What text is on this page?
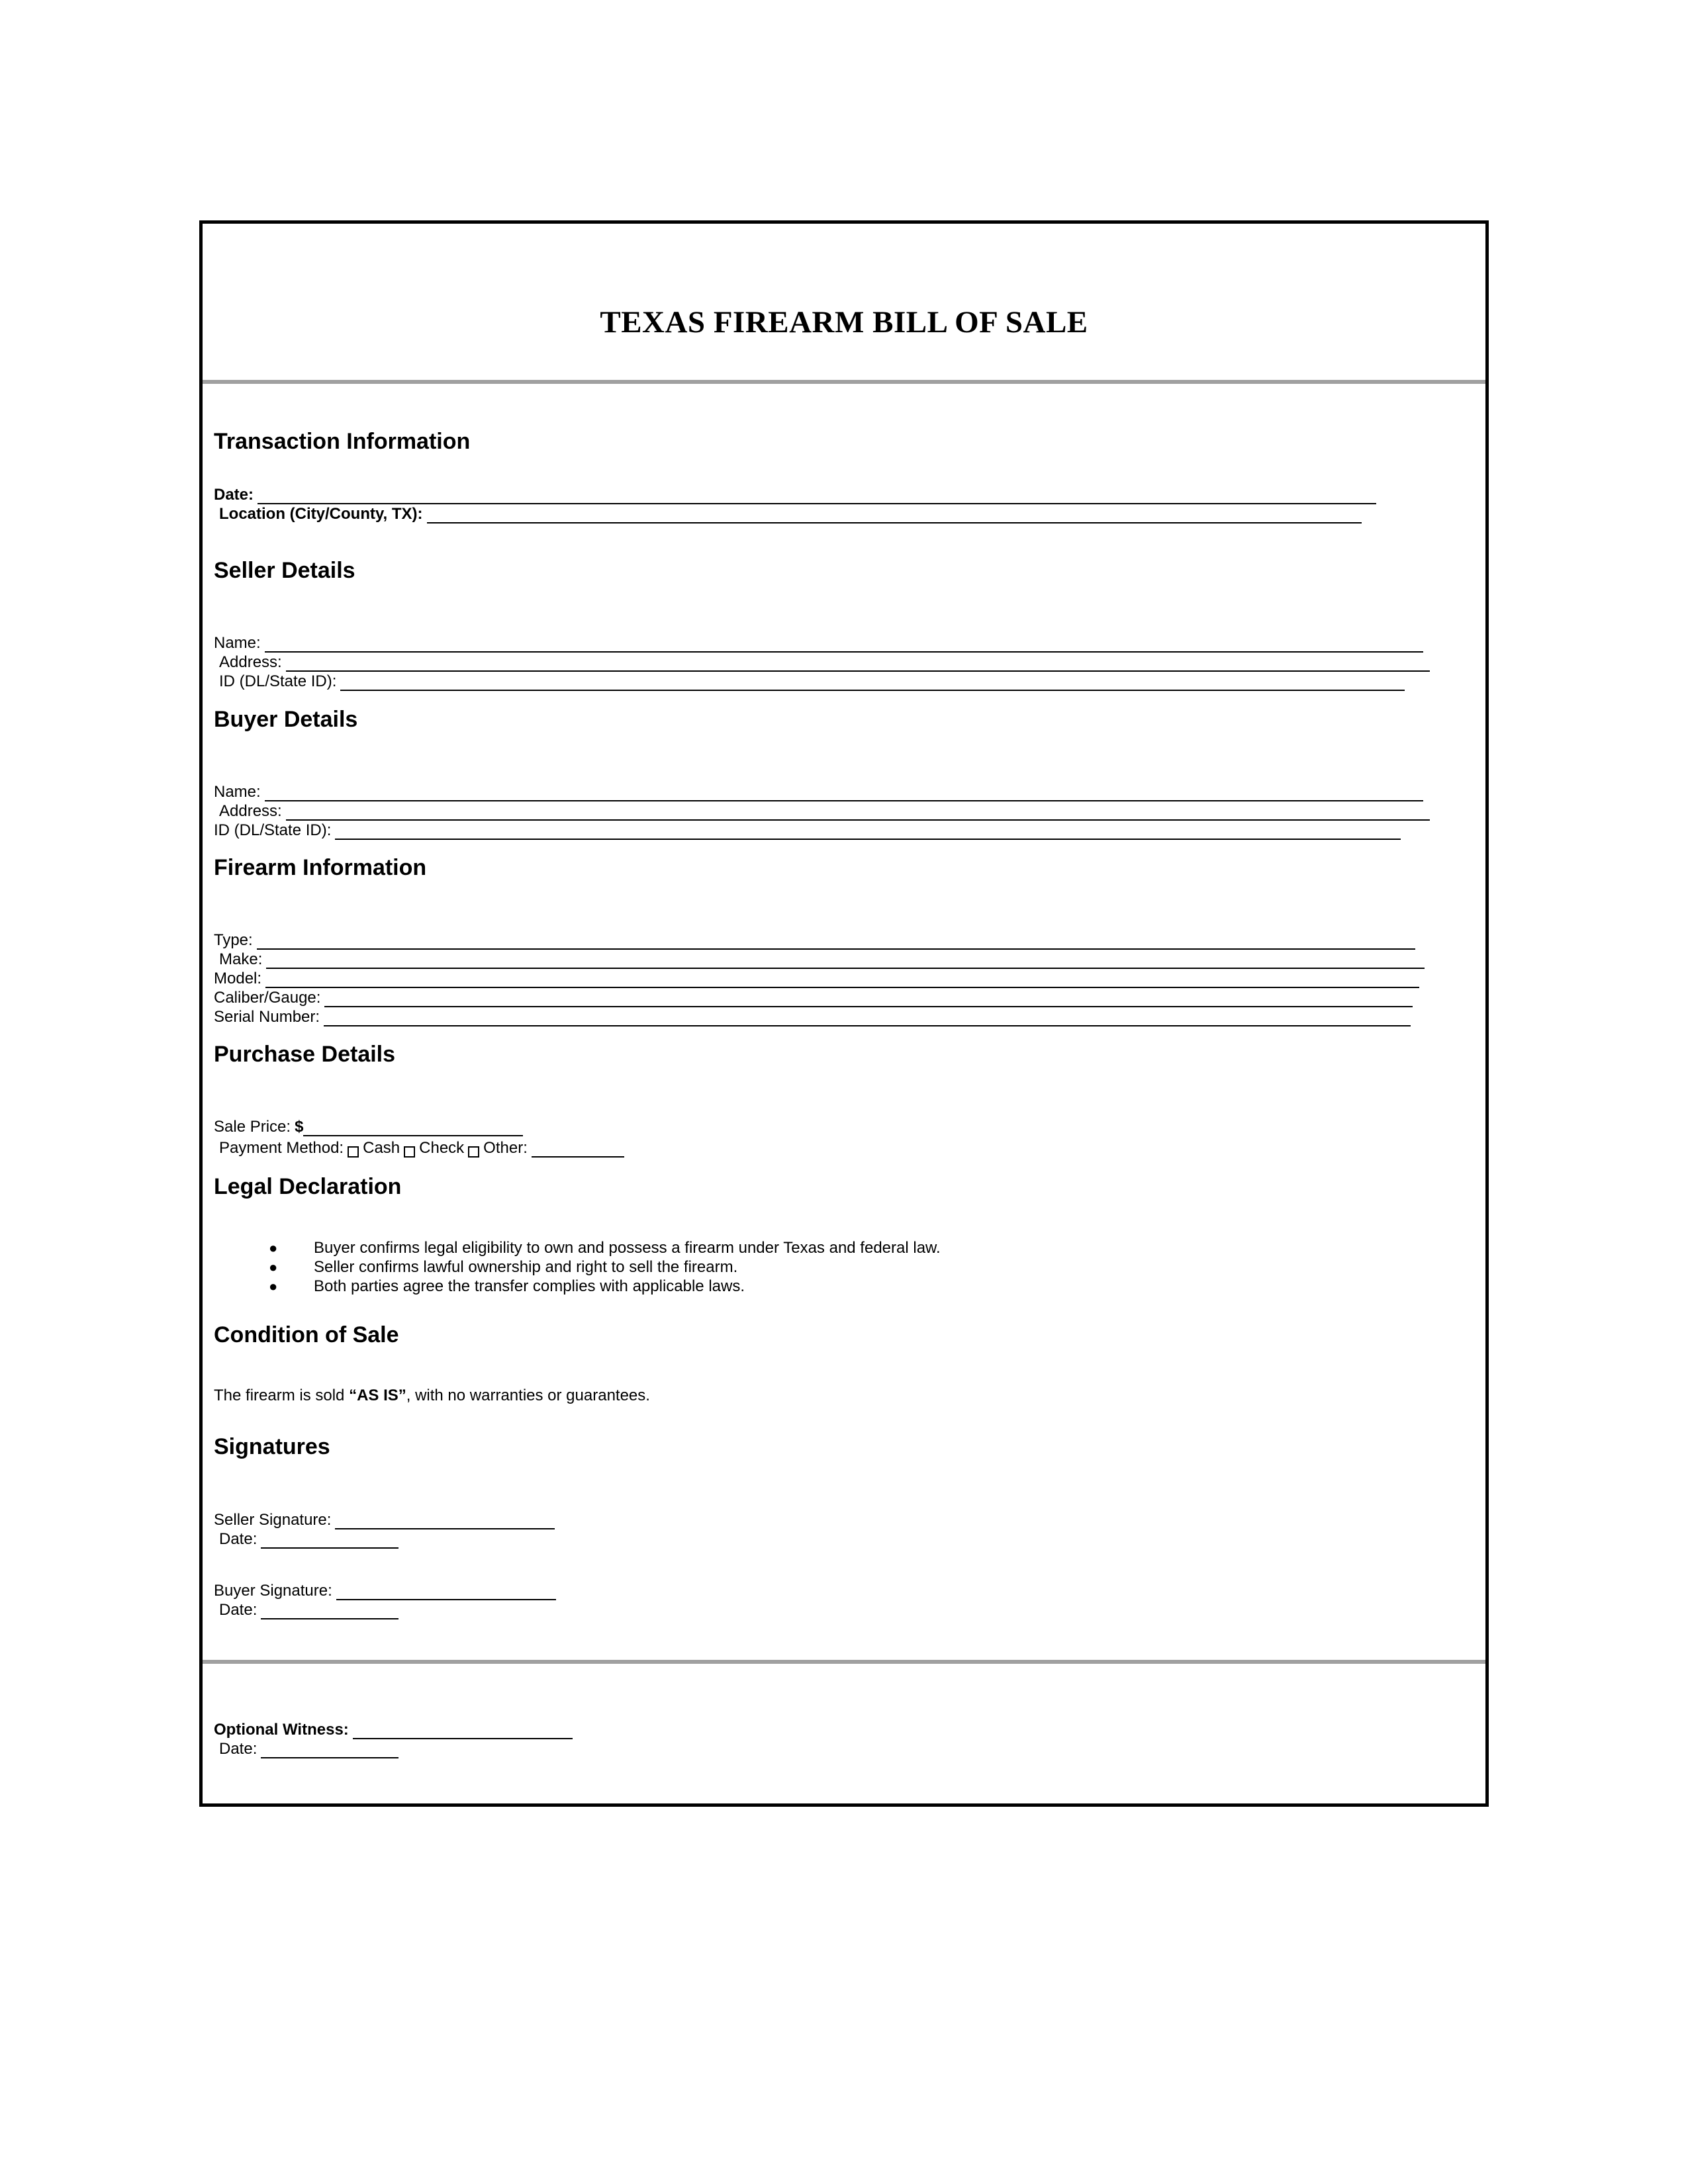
TEXAS FIREARM BILL OF SALE
Transaction Information
Date:
Location (City/County, TX):
Seller Details
Name:
Address:
ID (DL/State ID):
Buyer Details
Name:
Address:
ID (DL/State ID):
Firearm Information
Type:
Make:
Model:
Caliber/Gauge:
Serial Number:
Purchase Details
Sale Price: $
Payment Method: Cash Check Other:
Legal Declaration
●	Buyer confirms legal eligibility to own and possess a firearm under Texas and federal law.
●	Seller confirms lawful ownership and right to sell the firearm.
●	Both parties agree the transfer complies with applicable laws.
Condition of Sale
The firearm is sold “AS IS”, with no warranties or guarantees.
Signatures
Seller Signature:
Date:
Buyer Signature:
Date:
Optional Witness:
Date:
